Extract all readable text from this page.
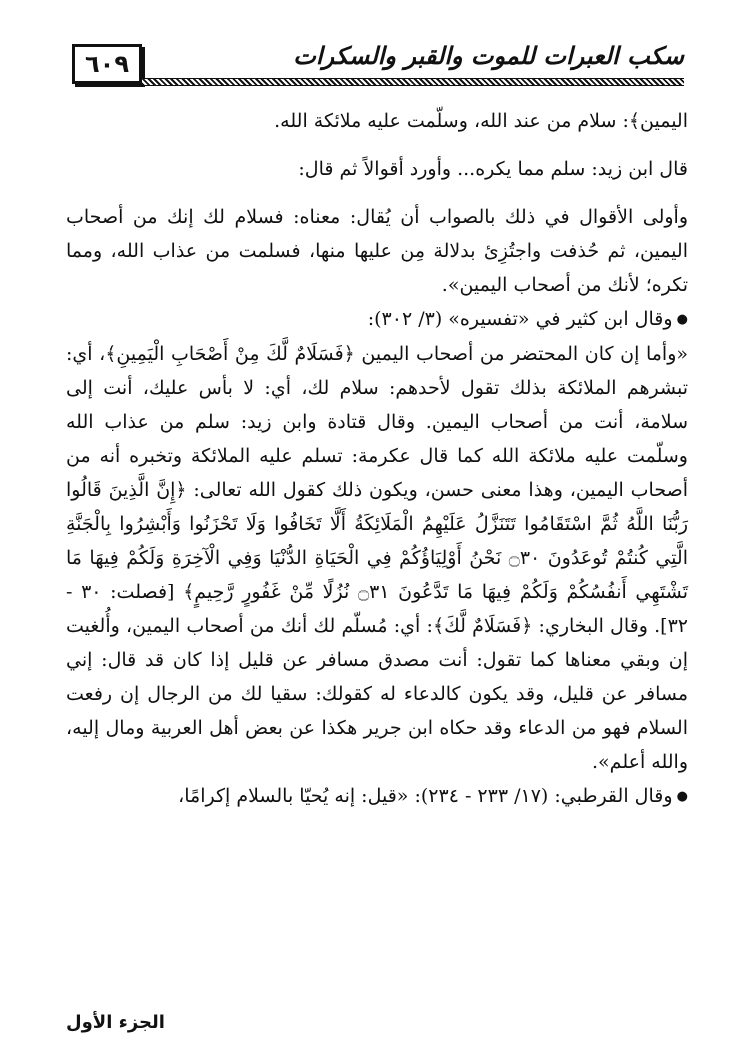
٦٠٩	سكب العبرات للموت والقبر والسكرات

اليمين﴾: سلام من عند الله، وسلّمت عليه ملائكة الله.

قال ابن زيد: سلم مما يكره... وأورد أقوالاً ثم قال:

وأولى الأقوال في ذلك بالصواب أن يُقال: معناه: فسلام لك إنك من أصحاب اليمين، ثم حُذفت واجتُزِئ بدلالة مِن عليها منها، فسلمت من عذاب الله، ومما تكره؛ لأنك من أصحاب اليمين».

● وقال ابن كثير في «تفسيره» (٣/ ٣٠٢):

«وأما إن كان المحتضر من أصحاب اليمين ﴿فَسَلَامٌ لَّكَ مِنْ أَصْحَابِ الْيَمِينِ﴾، أي: تبشرهم الملائكة بذلك تقول لأحدهم: سلام لك، أي: لا بأس عليك، أنت إلى سلامة، أنت من أصحاب اليمين. وقال قتادة وابن زيد: سلم من عذاب الله وسلّمت عليه ملائكة الله كما قال عكرمة: تسلم عليه الملائكة وتخبره أنه من أصحاب اليمين، وهذا معنى حسن، ويكون ذلك كقول الله تعالى: ﴿إِنَّ الَّذِينَ قَالُوا رَبُّنَا اللَّهُ ثُمَّ اسْتَقَامُوا تَتَنَزَّلُ عَلَيْهِمُ الْمَلَائِكَةُ أَلَّا تَخَافُوا وَلَا تَحْزَنُوا وَأَبْشِرُوا بِالْجَنَّةِ الَّتِي كُنتُمْ تُوعَدُونَ ۝٣٠ نَحْنُ أَوْلِيَاؤُكُمْ فِي الْحَيَاةِ الدُّنْيَا وَفِي الْآخِرَةِ وَلَكُمْ فِيهَا مَا تَشْتَهِي أَنفُسُكُمْ وَلَكُمْ فِيهَا مَا تَدَّعُونَ ۝٣١ نُزُلًا مِّنْ غَفُورٍ رَّحِيمٍ﴾ [فصلت: ٣٠ - ٣٢]. وقال البخاري: ﴿فَسَلَامٌ لَّكَ﴾: أي: مُسلّم لك أنك من أصحاب اليمين، وأُلغيت إن وبقي معناها كما تقول: أنت مصدق مسافر عن قليل إذا كان قد قال: إني مسافر عن قليل، وقد يكون كالدعاء له كقولك: سقيا لك من الرجال إن رفعت السلام فهو من الدعاء وقد حكاه ابن جرير هكذا عن بعض أهل العربية ومال إليه، والله أعلم».

● وقال القرطبي: (١٧/ ٢٣٣ - ٢٣٤): «قيل: إنه يُحيّا بالسلام إكرامًا،

الجزء الأول
